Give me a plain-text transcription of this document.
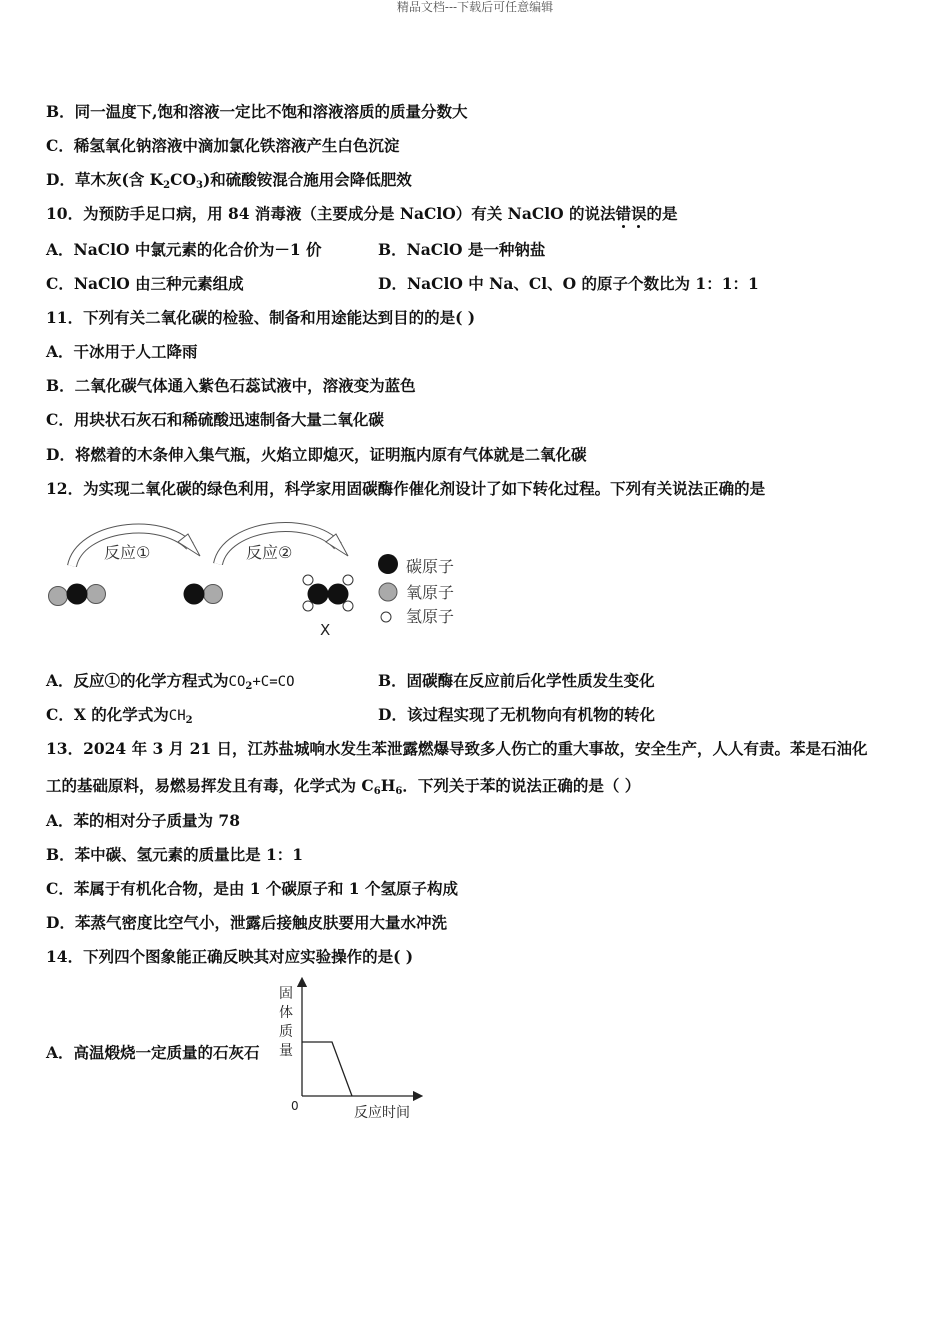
精品文档---下载后可任意编辑
B．同一温度下,饱和溶液一定比不饱和溶液溶质的质量分数大
C．稀氢氧化钠溶液中滴加氯化铁溶液产生白色沉淀
D．草木灰(含 $K_2CO_3$)和硫酸铵混合施用会降低肥效
10．为预防手足口病，用 84 消毒液（主要成分是 NaClO）有关 NaClO 的说法错误的是
A．NaClO 中氯元素的化合价为－1 价	B．NaClO 是一种钠盐
C．NaClO 由三种元素组成	D．NaClO 中 Na、Cl、O 的原子个数比为 1：1：1
11．下列有关二氧化碳的检验、制备和用途能达到目的的是( )
A．干冰用于人工降雨
B．二氧化碳气体通入紫色石蕊试液中，溶液变为蓝色
C．用块状石灰石和稀硫酸迅速制备大量二氧化碳
D．将燃着的木条伸入集气瓶，火焰立即熄灭，证明瓶内原有气体就是二氧化碳
12．为实现二氧化碳的绿色利用，科学家用固碳酶作催化剂设计了如下转化过程。下列有关说法正确的是
反应①	反应②
X
碳原子
氧原子
氢原子
A．反应①的化学方程式为$CO_2+C=CO$	B．固碳酶在反应前后化学性质发生变化
C．X 的化学式为$CH_2$	D．该过程实现了无机物向有机物的转化
13．2024 年 3 月 21 日，江苏盐城响水发生苯泄露燃爆导致多人伤亡的重大事故，安全生产，人人有责。苯是石油化
工的基础原料，易燃易挥发且有毒，化学式为 $C_6H_6$．下列关于苯的说法正确的是（ ）
A．苯的相对分子质量为 78
B．苯中碳、氢元素的质量比是 1：1
C．苯属于有机化合物，是由 1 个碳原子和 1 个氢原子构成
D．苯蒸气密度比空气小，泄露后接触皮肤要用大量水冲洗
14．下列四个图象能正确反映其对应实验操作的是( )
A．高温煅烧一定质量的石灰石
固
体
质
量
0	反应时间
